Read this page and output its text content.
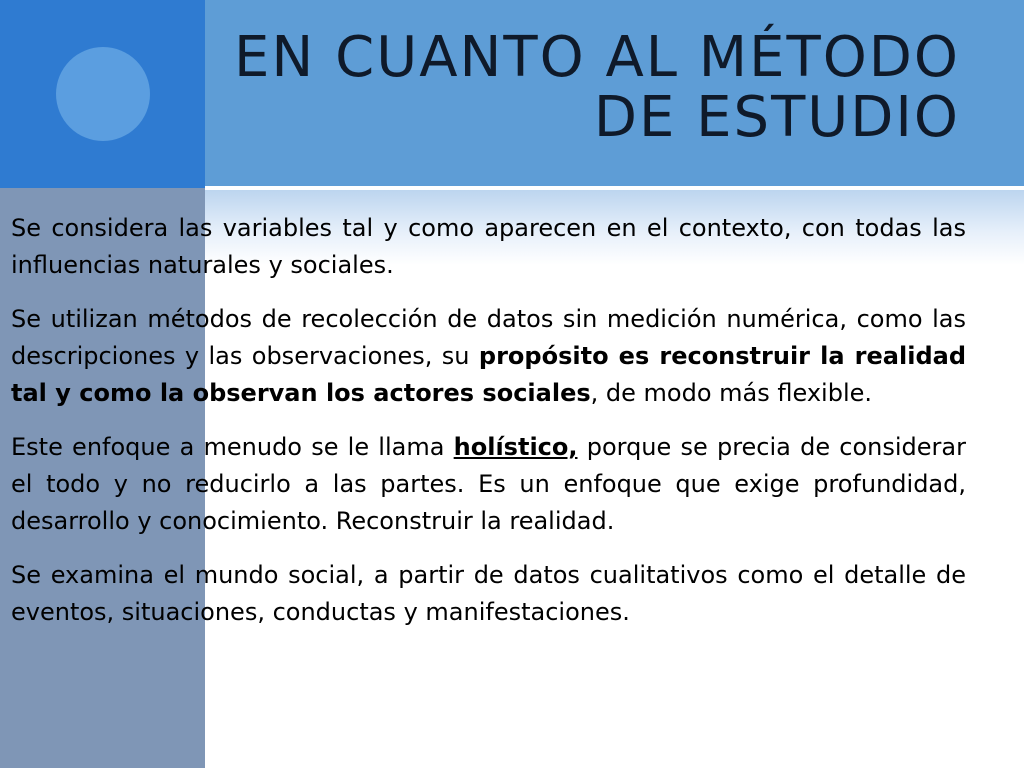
EN CUANTO AL MÉTODO
DE ESTUDIO

Se considera las variables tal y como aparecen en el contexto, con todas las influencias naturales y sociales.

Se utilizan métodos de recolección de datos sin medición numérica, como las descripciones y las observaciones, su propósito es reconstruir la realidad tal y como la observan los actores sociales, de modo más flexible.

Este enfoque a menudo se le llama holístico, porque se precia de considerar el todo y no reducirlo a las partes. Es un enfoque que exige profundidad, desarrollo y conocimiento. Reconstruir la realidad.

Se examina el mundo social, a partir de datos cualitativos como el detalle de eventos, situaciones, conductas y manifestaciones.
